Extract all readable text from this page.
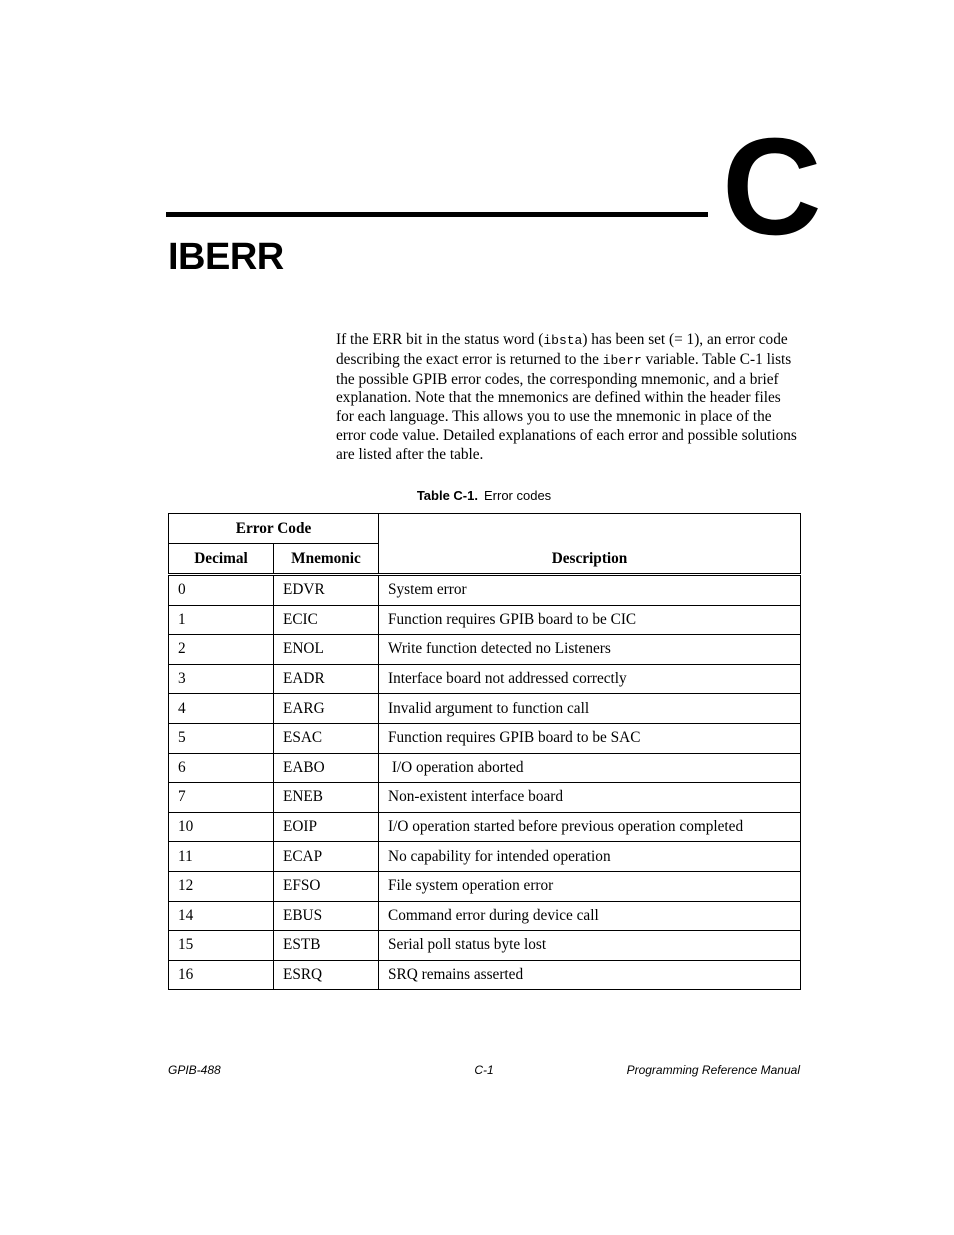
C
IBERR

If the ERR bit in the status word (ibsta) has been set (= 1), an error code describing the exact error is returned to the iberr variable. Table C-1 lists the possible GPIB error codes, the corresponding mnemonic, and a brief explanation. Note that the mnemonics are defined within the header files for each language. This allows you to use the mnemonic in place of the error code value. Detailed explanations of each error and possible solutions are listed after the table.

Table C-1. Error codes
Error Code		Description
Decimal	Mnemonic	
0	EDVR	System error
1	ECIC	Function requires GPIB board to be CIC
2	ENOL	Write function detected no Listeners
3	EADR	Interface board not addressed correctly
4	EARG	Invalid argument to function call
5	ESAC	Function requires GPIB board to be SAC
6	EABO	I/O operation aborted
7	ENEB	Non-existent interface board
10	EOIP	I/O operation started before previous operation completed
11	ECAP	No capability for intended operation
12	EFSO	File system operation error
14	EBUS	Command error during device call
15	ESTB	Serial poll status byte lost
16	ESRQ	SRQ remains asserted
GPIB-488	C-1	Programming Reference Manual
